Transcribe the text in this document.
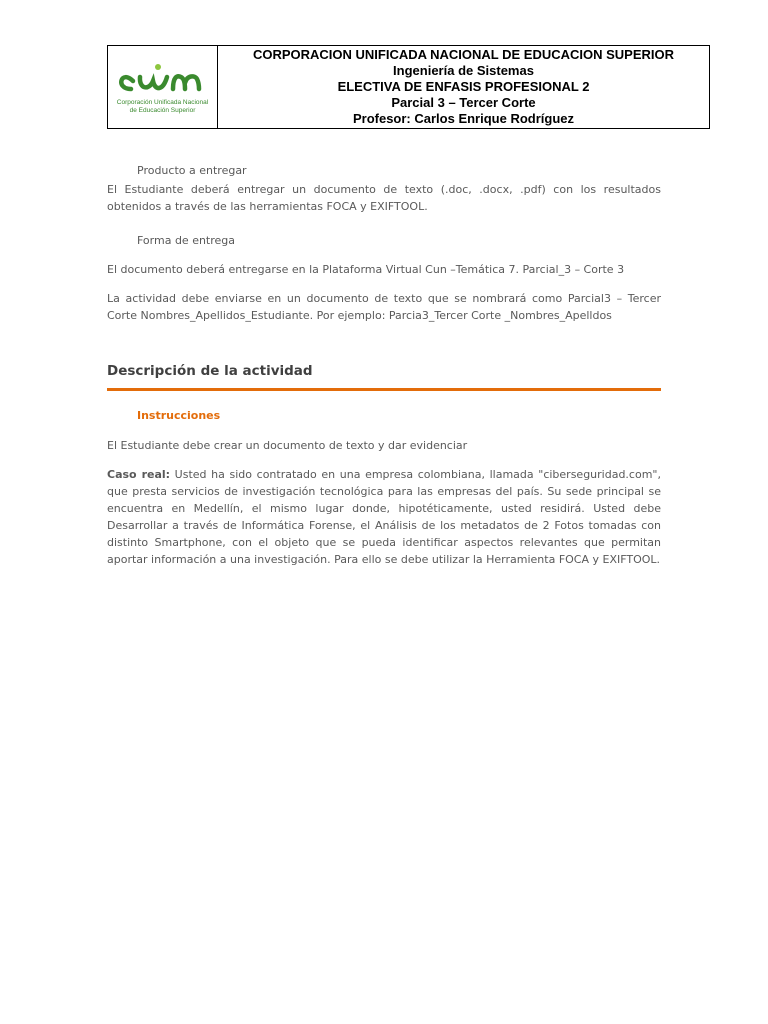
Corporación Unificada Nacional
de Educación Superior
CORPORACION UNIFICADA NACIONAL DE EDUCACION SUPERIOR
Ingeniería de Sistemas
ELECTIVA DE ENFASIS PROFESIONAL 2
Parcial 3 – Tercer Corte
Profesor: Carlos Enrique Rodríguez
Producto a entregar
El Estudiante deberá entregar un documento de texto (.doc, .docx, .pdf) con los resultados obtenidos a través de las herramientas FOCA y EXIFTOOL.
Forma de entrega
El documento deberá entregarse en la Plataforma Virtual Cun –Temática 7. Parcial_3 – Corte 3
La actividad debe enviarse en un documento de texto que se nombrará como Parcial3 – Tercer Corte Nombres_Apellidos_Estudiante. Por ejemplo: Parcia3_Tercer Corte _Nombres_Apelldos
Descripción de la actividad
Instrucciones
El Estudiante debe crear un documento de texto y dar evidenciar
Caso real: Usted ha sido contratado en una empresa colombiana, llamada "ciberseguridad.com", que presta servicios de investigación tecnológica para las empresas del país. Su sede principal se encuentra en Medellín, el mismo lugar donde, hipotéticamente, usted residirá. Usted debe Desarrollar a través de Informática Forense, el Análisis de los metadatos de 2 Fotos tomadas con distinto Smartphone, con el objeto que se pueda identificar aspectos relevantes que permitan aportar información a una investigación. Para ello se debe utilizar la Herramienta FOCA y EXIFTOOL.
